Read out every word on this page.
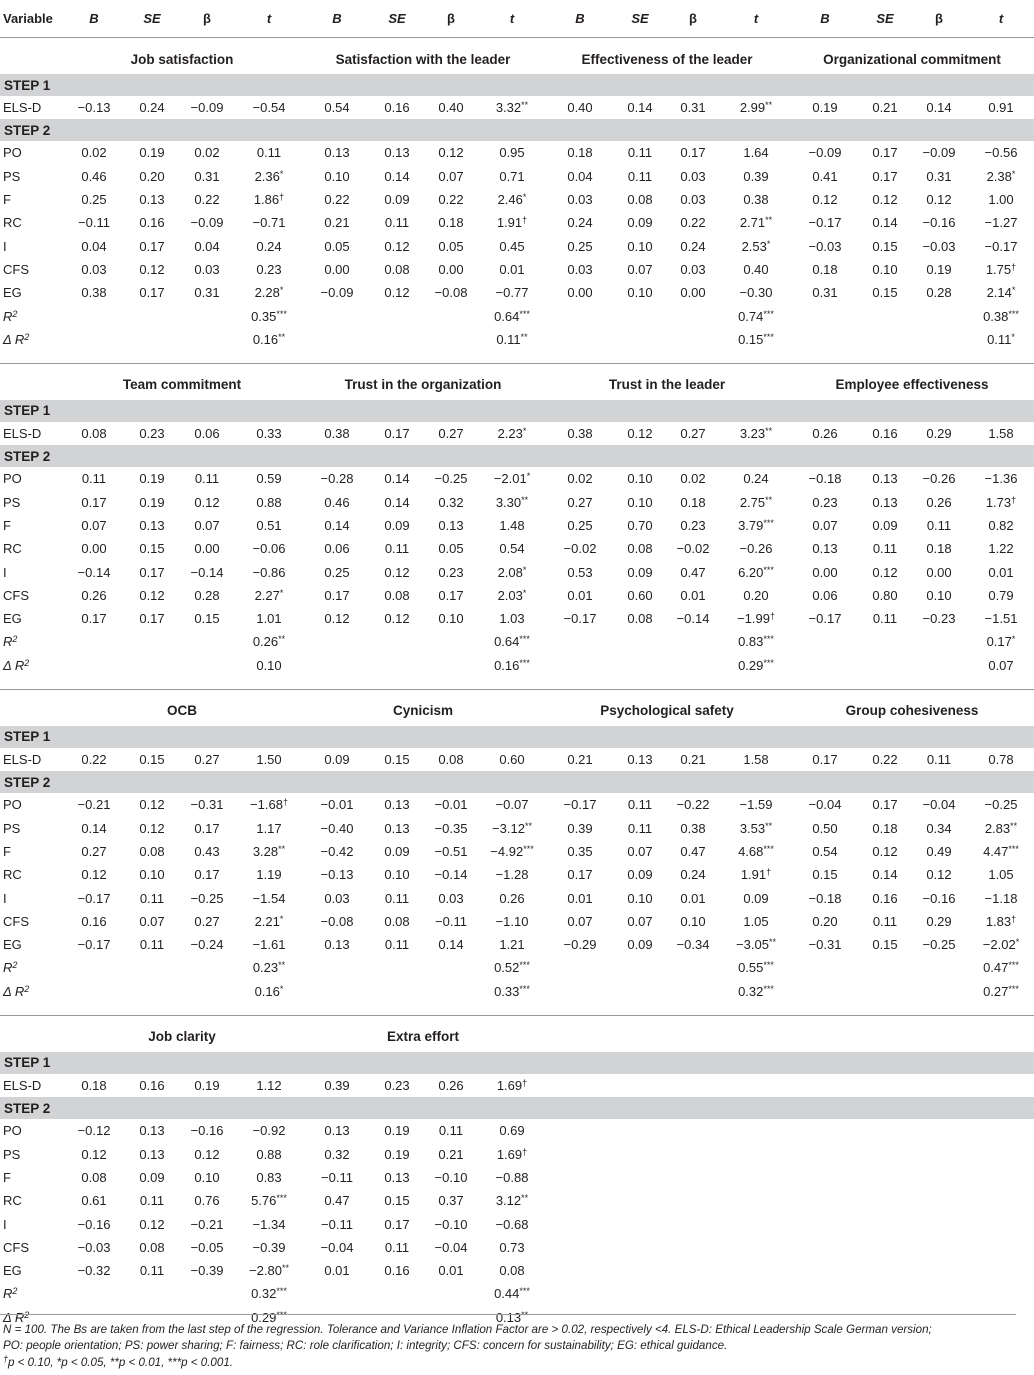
Variable	B	SE	β	t	B	SE	β	t	B	SE	β	t	B	SE	β	t

	Job satisfaction				Satisfaction with the leader				Effectiveness of the leader				Organizational commitment			
STEP 1																
ELS-D	−0.13	0.24	−0.09	−0.54	0.54	0.16	0.40	3.32**	0.40	0.14	0.31	2.99**	0.19	0.21	0.14	0.91
STEP 2																
PO	0.02	0.19	0.02	0.11	0.13	0.13	0.12	0.95	0.18	0.11	0.17	1.64	−0.09	0.17	−0.09	−0.56
PS	0.46	0.20	0.31	2.36*	0.10	0.14	0.07	0.71	0.04	0.11	0.03	0.39	0.41	0.17	0.31	2.38*
F	0.25	0.13	0.22	1.86†	0.22	0.09	0.22	2.46*	0.03	0.08	0.03	0.38	0.12	0.12	0.12	1.00
RC	−0.11	0.16	−0.09	−0.71	0.21	0.11	0.18	1.91†	0.24	0.09	0.22	2.71**	−0.17	0.14	−0.16	−1.27
I	0.04	0.17	0.04	0.24	0.05	0.12	0.05	0.45	0.25	0.10	0.24	2.53*	−0.03	0.15	−0.03	−0.17
CFS	0.03	0.12	0.03	0.23	0.00	0.08	0.00	0.01	0.03	0.07	0.03	0.40	0.18	0.10	0.19	1.75†
EG	0.38	0.17	0.31	2.28*	−0.09	0.12	−0.08	−0.77	0.00	0.10	0.00	−0.30	0.31	0.15	0.28	2.14*
$R^2$				0.35***				0.64***				0.74***				0.38***
Δ $R^2$				0.16**				0.11**				0.15***				0.11*

	Team commitment				Trust in the organization				Trust in the leader				Employee effectiveness			
STEP 1																
ELS-D	0.08	0.23	0.06	0.33	0.38	0.17	0.27	2.23*	0.38	0.12	0.27	3.23**	0.26	0.16	0.29	1.58
STEP 2																
PO	0.11	0.19	0.11	0.59	−0.28	0.14	−0.25	−2.01*	0.02	0.10	0.02	0.24	−0.18	0.13	−0.26	−1.36
PS	0.17	0.19	0.12	0.88	0.46	0.14	0.32	3.30**	0.27	0.10	0.18	2.75**	0.23	0.13	0.26	1.73†
F	0.07	0.13	0.07	0.51	0.14	0.09	0.13	1.48	0.25	0.70	0.23	3.79***	0.07	0.09	0.11	0.82
RC	0.00	0.15	0.00	−0.06	0.06	0.11	0.05	0.54	−0.02	0.08	−0.02	−0.26	0.13	0.11	0.18	1.22
I	−0.14	0.17	−0.14	−0.86	0.25	0.12	0.23	2.08*	0.53	0.09	0.47	6.20***	0.00	0.12	0.00	0.01
CFS	0.26	0.12	0.28	2.27*	0.17	0.08	0.17	2.03*	0.01	0.60	0.01	0.20	0.06	0.80	0.10	0.79
EG	0.17	0.17	0.15	1.01	0.12	0.12	0.10	1.03	−0.17	0.08	−0.14	−1.99†	−0.17	0.11	−0.23	−1.51
$R^2$				0.26**				0.64***				0.83***				0.17*
Δ $R^2$				0.10				0.16***				0.29***				0.07

	OCB				Cynicism				Psychological safety				Group cohesiveness			
STEP 1																
ELS-D	0.22	0.15	0.27	1.50	0.09	0.15	0.08	0.60	0.21	0.13	0.21	1.58	0.17	0.22	0.11	0.78
STEP 2																
PO	−0.21	0.12	−0.31	−1.68†	−0.01	0.13	−0.01	−0.07	−0.17	0.11	−0.22	−1.59	−0.04	0.17	−0.04	−0.25
PS	0.14	0.12	0.17	1.17	−0.40	0.13	−0.35	−3.12**	0.39	0.11	0.38	3.53**	0.50	0.18	0.34	2.83**
F	0.27	0.08	0.43	3.28**	−0.42	0.09	−0.51	−4.92***	0.35	0.07	0.47	4.68***	0.54	0.12	0.49	4.47***
RC	0.12	0.10	0.17	1.19	−0.13	0.10	−0.14	−1.28	0.17	0.09	0.24	1.91†	0.15	0.14	0.12	1.05
I	−0.17	0.11	−0.25	−1.54	0.03	0.11	0.03	0.26	0.01	0.10	0.01	0.09	−0.18	0.16	−0.16	−1.18
CFS	0.16	0.07	0.27	2.21*	−0.08	0.08	−0.11	−1.10	0.07	0.07	0.10	1.05	0.20	0.11	0.29	1.83†
EG	−0.17	0.11	−0.24	−1.61	0.13	0.11	0.14	1.21	−0.29	0.09	−0.34	−3.05**	−0.31	0.15	−0.25	−2.02*
$R^2$				0.23**				0.52***				0.55***				0.47***
Δ $R^2$				0.16*				0.33***				0.32***				0.27***

	Job clarity				Extra effort											
STEP 1																
ELS-D	0.18	0.16	0.19	1.12	0.39	0.23	0.26	1.69†								
STEP 2																
PO	−0.12	0.13	−0.16	−0.92	0.13	0.19	0.11	0.69								
PS	0.12	0.13	0.12	0.88	0.32	0.19	0.21	1.69†								
F	0.08	0.09	0.10	0.83	−0.11	0.13	−0.10	−0.88								
RC	0.61	0.11	0.76	5.76***	0.47	0.15	0.37	3.12**								
I	−0.16	0.12	−0.21	−1.34	−0.11	0.17	−0.10	−0.68								
CFS	−0.03	0.08	−0.05	−0.39	−0.04	0.11	−0.04	0.73								
EG	−0.32	0.11	−0.39	−2.80**	0.01	0.16	0.01	0.08								
$R^2$				0.32***				0.44***								
Δ $R^2$				0.29***				0.13**								

N = 100. The Bs are taken from the last step of the regression. Tolerance and Variance Inflation Factor are > 0.02, respectively <4. ELS-D: Ethical Leadership Scale German version;

PO: people orientation; PS: power sharing; F: fairness; RC: role clarification; I: integrity; CFS: concern for sustainability; EG: ethical guidance.

†p < 0.10, *p < 0.05, **p < 0.01, ***p < 0.001.
